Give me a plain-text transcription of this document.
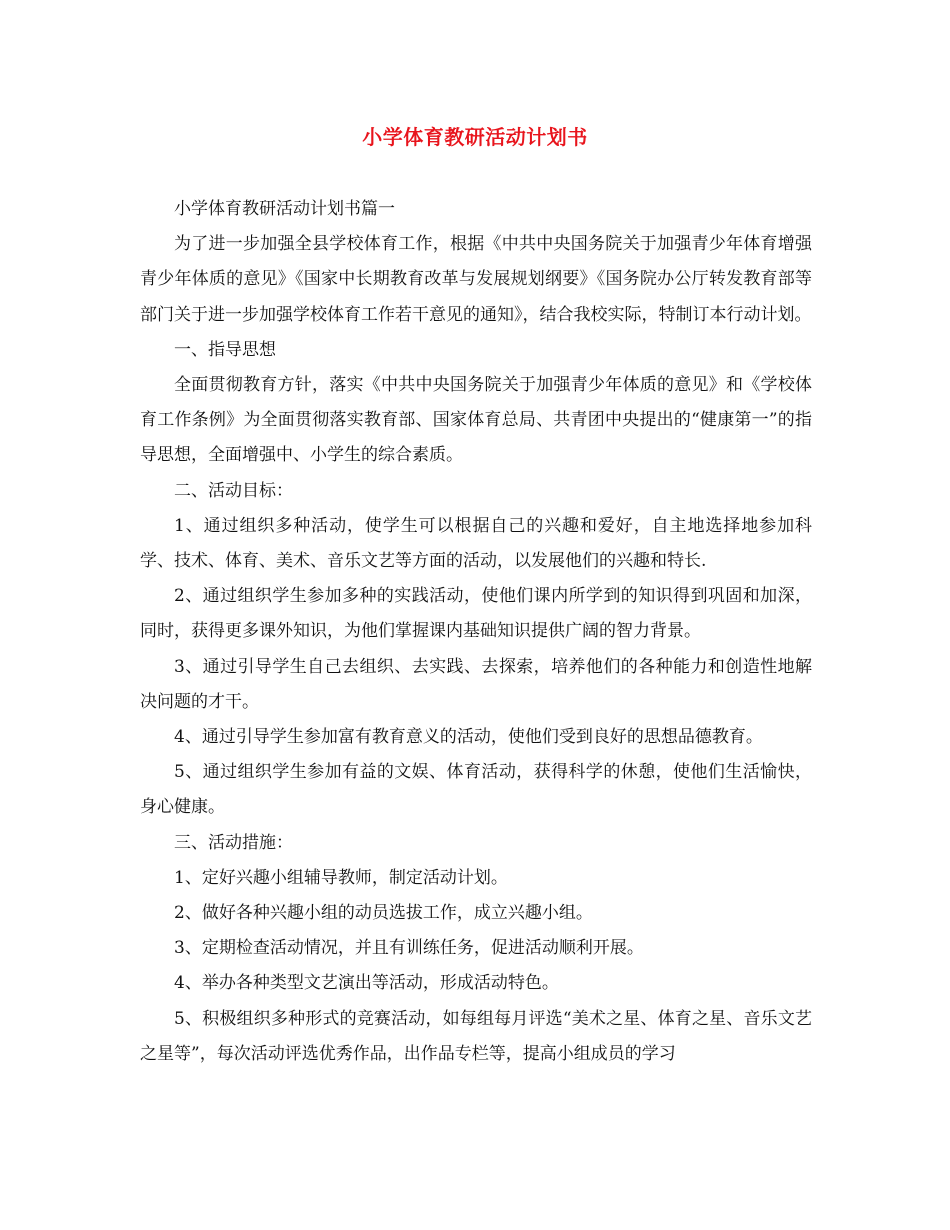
小学体育教研活动计划书

小学体育教研活动计划书篇一

为了进一步加强全县学校体育工作，根据《中共中央国务院关于加强青少年体育增强青少年体质的意见》《国家中长期教育改革与发展规划纲要》《国务院办公厅转发教育部等部门关于进一步加强学校体育工作若干意见的通知》，结合我校实际，特制订本行动计划。

一、指导思想

全面贯彻教育方针，落实《中共中央国务院关于加强青少年体质的意见》和《学校体育工作条例》为全面贯彻落实教育部、国家体育总局、共青团中央提出的“健康第一”的指导思想，全面增强中、小学生的综合素质。

二、活动目标：

1、通过组织多种活动，使学生可以根据自己的兴趣和爱好，自主地选择地参加科学、技术、体育、美术、音乐文艺等方面的活动，以发展他们的兴趣和特长.

2、通过组织学生参加多种的实践活动，使他们课内所学到的知识得到巩固和加深，同时，获得更多课外知识，为他们掌握课内基础知识提供广阔的智力背景。

3、通过引导学生自己去组织、去实践、去探索，培养他们的各种能力和创造性地解决问题的才干。

4、通过引导学生参加富有教育意义的活动，使他们受到良好的思想品德教育。

5、通过组织学生参加有益的文娱、体育活动，获得科学的休憩，使他们生活愉快，身心健康。

三、活动措施：

1、定好兴趣小组辅导教师，制定活动计划。

2、做好各种兴趣小组的动员选拔工作，成立兴趣小组。

3、定期检查活动情况，并且有训练任务，促进活动顺利开展。

4、举办各种类型文艺演出等活动，形成活动特色。

5、积极组织多种形式的竞赛活动，如每组每月评选“美术之星、体育之星、音乐文艺之星等”，每次活动评选优秀作品，出作品专栏等，提高小组成员的学习
